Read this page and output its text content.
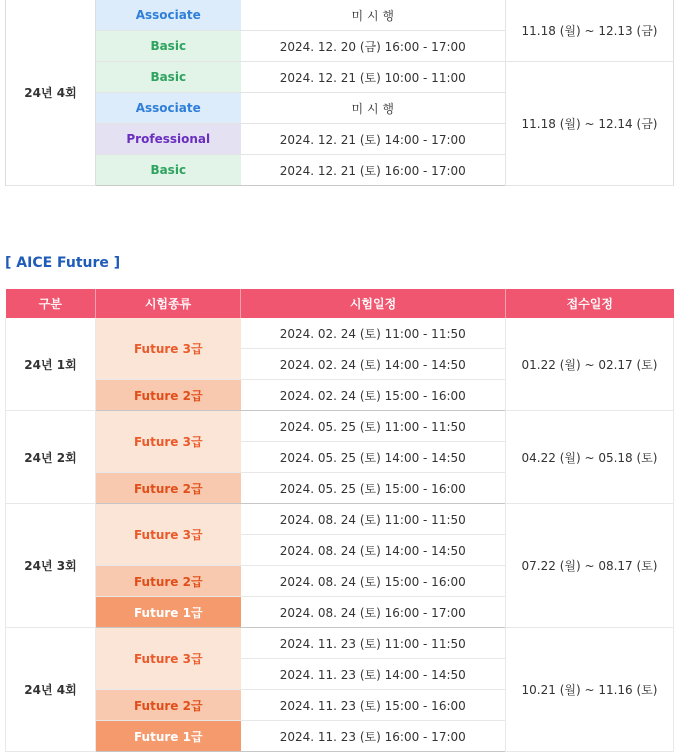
24년 4회	Associate	미 시 행	11.18 (월) ~ 12.13 (금)
	Basic	2024. 12. 20 (금) 16:00 - 17:00	
	Basic	2024. 12. 21 (토) 10:00 - 11:00	11.18 (월) ~ 12.14 (금)
	Associate	미 시 행	
	Professional	2024. 12. 21 (토) 14:00 - 17:00	
	Basic	2024. 12. 21 (토) 16:00 - 17:00	
[ AICE Future ]
구분	시험종류	시험일정	접수일정
24년 1회	Future 3급	2024. 02. 24 (토) 11:00 - 11:50	01.22 (월) ~ 02.17 (토)
		2024. 02. 24 (토) 14:00 - 14:50	
	Future 2급	2024. 02. 24 (토) 15:00 - 16:00	
24년 2회	Future 3급	2024. 05. 25 (토) 11:00 - 11:50	04.22 (월) ~ 05.18 (토)
		2024. 05. 25 (토) 14:00 - 14:50	
	Future 2급	2024. 05. 25 (토) 15:00 - 16:00	
24년 3회	Future 3급	2024. 08. 24 (토) 11:00 - 11:50	07.22 (월) ~ 08.17 (토)
		2024. 08. 24 (토) 14:00 - 14:50	
	Future 2급	2024. 08. 24 (토) 15:00 - 16:00	
	Future 1급	2024. 08. 24 (토) 16:00 - 17:00	
24년 4회	Future 3급	2024. 11. 23 (토) 11:00 - 11:50	10.21 (월) ~ 11.16 (토)
		2024. 11. 23 (토) 14:00 - 14:50	
	Future 2급	2024. 11. 23 (토) 15:00 - 16:00	
	Future 1급	2024. 11. 23 (토) 16:00 - 17:00	
